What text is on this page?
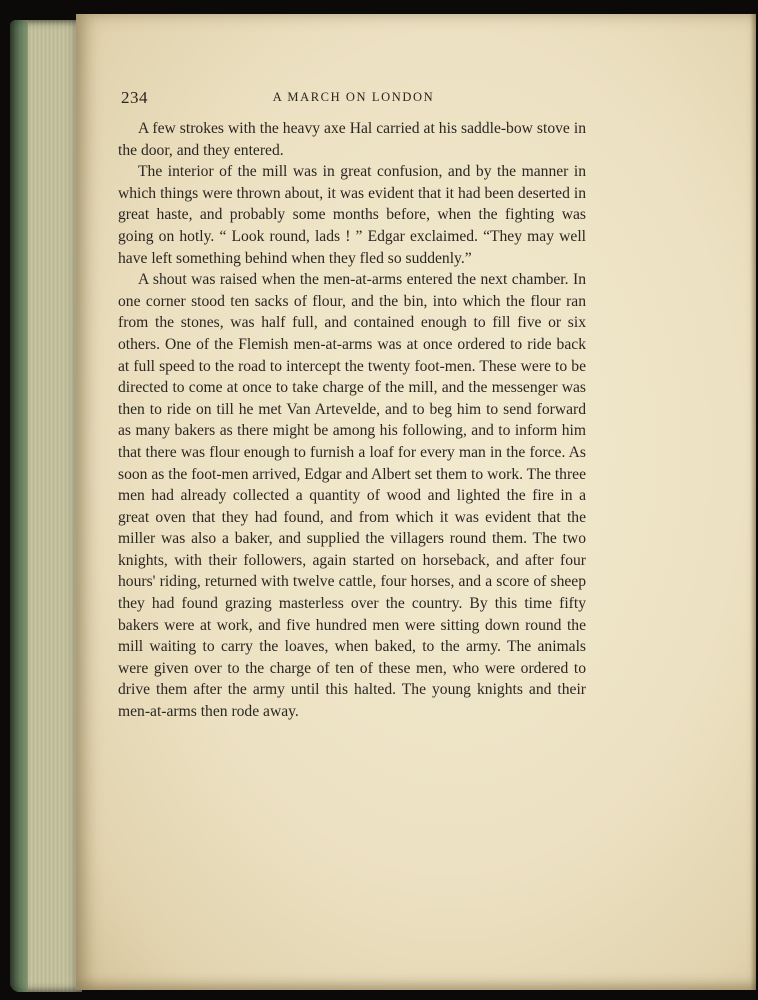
234	A MARCH ON LONDON

A few strokes with the heavy axe Hal carried at his saddle-bow stove in the door, and they entered.

The interior of the mill was in great confusion, and by the manner in which things were thrown about, it was evident that it had been deserted in great haste, and probably some months before, when the fighting was going on hotly. “ Look round, lads ! ” Edgar exclaimed. “They may well have left something behind when they fled so suddenly.”

A shout was raised when the men-at-arms entered the next chamber. In one corner stood ten sacks of flour, and the bin, into which the flour ran from the stones, was half full, and contained enough to fill five or six others. One of the Flemish men-at-arms was at once ordered to ride back at full speed to the road to intercept the twenty foot-men. These were to be directed to come at once to take charge of the mill, and the messenger was then to ride on till he met Van Artevelde, and to beg him to send forward as many bakers as there might be among his following, and to inform him that there was flour enough to furnish a loaf for every man in the force. As soon as the foot-men arrived, Edgar and Albert set them to work. The three men had already collected a quantity of wood and lighted the fire in a great oven that they had found, and from which it was evident that the miller was also a baker, and supplied the villagers round them. The two knights, with their followers, again started on horseback, and after four hours' riding, returned with twelve cattle, four horses, and a score of sheep they had found grazing masterless over the country. By this time fifty bakers were at work, and five hundred men were sitting down round the mill waiting to carry the loaves, when baked, to the army. The animals were given over to the charge of ten of these men, who were ordered to drive them after the army until this halted. The young knights and their men-at-arms then rode away.
